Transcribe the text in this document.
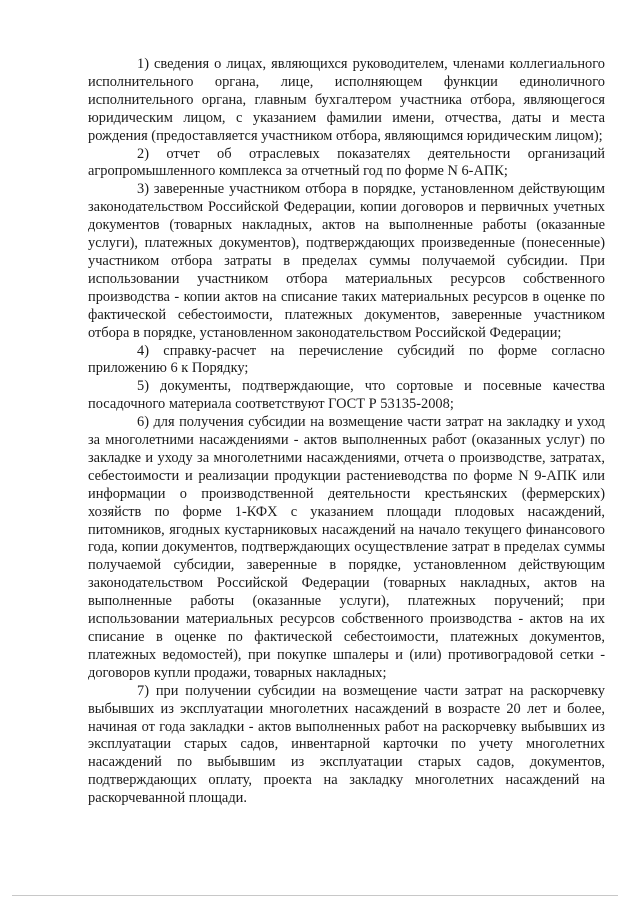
1) сведения о лицах, являющихся руководителем, членами коллегиального исполнительного органа, лице, исполняющем функции единоличного исполнительного органа, главным бухгалтером участника отбора, являющегося юридическим лицом, с указанием фамилии имени, отчества, даты и места рождения (предоставляется участником отбора, являющимся юридическим лицом);

2) отчет об отраслевых показателях деятельности организаций агропромышленного комплекса за отчетный год по форме N 6-АПК;

3) заверенные участником отбора в порядке, установленном действующим законодательством Российской Федерации, копии договоров и первичных учетных документов (товарных накладных, актов на выполненные работы (оказанные услуги), платежных документов), подтверждающих произведенные (понесенные) участником отбора затраты в пределах суммы получаемой субсидии. При использовании участником отбора материальных ресурсов собственного производства - копии актов на списание таких материальных ресурсов в оценке по фактической себестоимости, платежных документов, заверенные участником отбора в порядке, установленном законодательством Российской Федерации;

4) справку-расчет на перечисление субсидий по форме согласно приложению 6 к Порядку;

5) документы, подтверждающие, что сортовые и посевные качества посадочного материала соответствуют ГОСТ Р 53135-2008;

6) для получения субсидии на возмещение части затрат на закладку и уход за многолетними насаждениями - актов выполненных работ (оказанных услуг) по закладке и уходу за многолетними насаждениями, отчета о производстве, затратах, себестоимости и реализации продукции растениеводства по форме N 9-АПК или информации о производственной деятельности крестьянских (фермерских) хозяйств по форме 1-КФХ с указанием площади плодовых насаждений, питомников, ягодных кустарниковых насаждений на начало текущего финансового года, копии документов, подтверждающих осуществление затрат в пределах суммы получаемой субсидии, заверенные в порядке, установленном действующим законодательством Российской Федерации (товарных накладных, актов на выполненные работы (оказанные услуги), платежных поручений; при использовании материальных ресурсов собственного производства - актов на их списание в оценке по фактической себестоимости, платежных документов, платежных ведомостей), при покупке шпалеры и (или) противоградовой сетки - договоров купли продажи, товарных накладных;

7) при получении субсидии на возмещение части затрат на раскорчевку выбывших из эксплуатации многолетних насаждений в возрасте 20 лет и более, начиная от года закладки - актов выполненных работ на раскорчевку выбывших из эксплуатации старых садов, инвентарной карточки по учету многолетних насаждений по выбывшим из эксплуатации старых садов, документов, подтверждающих оплату, проекта на закладку многолетних насаждений на раскорчеванной площади.
